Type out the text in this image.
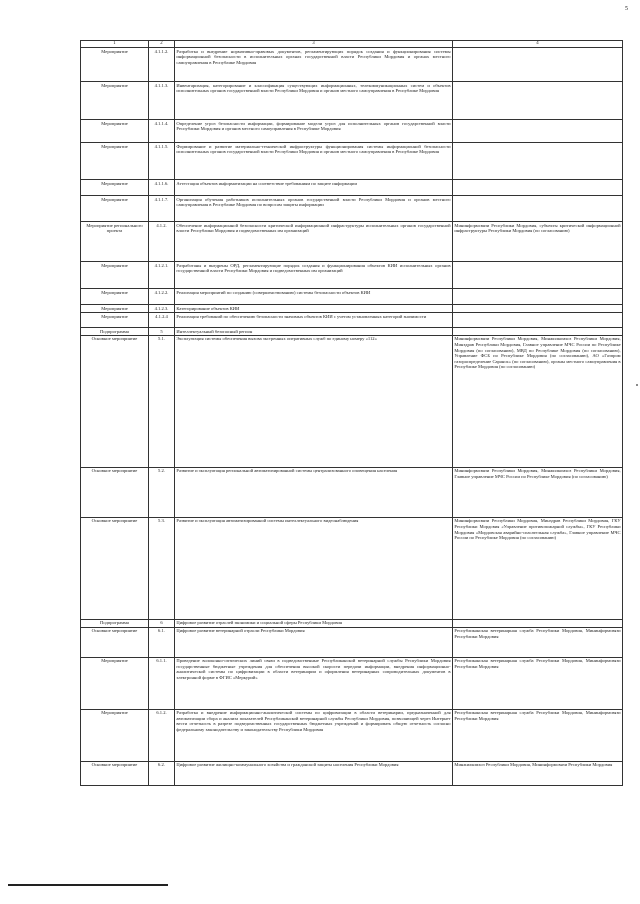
5
1	2	3	4
Мероприятие	4.1.1.2.	Разработка и внедрение нормативно-правовых документов, регламентирующих порядок создания и функционирования системы информационной безопасности в исполнительных органах государственной власти Республики Мордовия и органах местного самоуправления в Республике Мордовия	
Мероприятие	4.1.1.3.	Инвентаризация, категорирование и классификация существующих информационных, телекоммуникационных систем и объектов исполнительных органов государственной власти Республики Мордовия и органов местного самоуправления в Республике Мордовия	
Мероприятие	4.1.1.4.	Определение угроз безопасности информации, формирование модели угроз для исполнительных органов государственной власти Республики Мордовия и органов местного самоуправления в Республике Мордовия	
Мероприятие	4.1.1.5.	Формирование и развитие материально-технической инфраструктуры функционирования системы информационной безопасности исполнительных органов государственной власти Республики Мордовия и органов местного самоуправления в Республике Мордовия	
Мероприятие	4.1.1.6.	Аттестация объектов информатизации на соответствие требованиям по защите информации	
Мероприятие	4.1.1.7.	Организация обучения работников исполнительных органов государственной власти Республики Мордовия и органов местного самоуправления в Республике Мордовия по вопросам защиты информации	
Мероприятие регионального проекта	4.1.2.	Обеспечение информационной безопасности критической информационной инфраструктуры исполнительных органов государственной власти Республики Мордовия и подведомственных им организаций	Мининформсвязи Республики Мордовия, субъекты критической информационной инфраструктуры Республики Мордовия (по согласованию)
Мероприятие	4.1.2.1.	Разработаны и внедрены ОРД, регламентирующие порядок создания и функционирования объектов КИИ исполнительных органов государственной власти Республики Мордовия и подведомственных им организаций	
Мероприятие	4.1.2.2.	Реализация мероприятий по созданию (совершенствованию) системы безопасности объектов КИИ	
Мероприятие	4.1.2.3.	Категорирование объектов КИИ	
Мероприятие	4.1.2.4	Реализация требований по обеспечению безопасности значимых объектов КИИ с учетом установленных категорий значимости	
Подпрограмма	5	Интеллектуальный безопасный регион	
Основное мероприятие	5.1.	Эксплуатация системы обеспечения вызова экстренных оперативных служб по единому номеру «112»	Мининформсвязи Республики Мордовия, Минжилкомхоз Республики Мордовия, Минздрав Республики Мордовия, Главное управление МЧС России по Республике Мордовия (по согласованию), МВД по Республике Мордовия (по согласованию), Управление ФСБ по Республике Мордовия (по согласованию), АО «Газпром газораспределение Саранск» (по согласованию), органы местного самоуправления в Республике Мордовия (по согласованию)
Основное мероприятие	5.2.	Развитие и эксплуатация региональной автоматизированной системы централизованного оповещения населения	Мининформсвязи Республики Мордовия, Минжилкомхоз Республики Мордовия, Главное управление МЧС России по Республике Мордовия (по согласованию)
Основное мероприятие	5.3.	Развитие и эксплуатация автоматизированной системы интеллектуального видеонаблюдения	Мининформсвязи Республики Мордовия, Минздрав Республики Мордовия, ГКУ Республики Мордовия «Управление противопожарной службы», ГКУ Республики Мордовия «Мордовская аварийно-спасательная служба», Главное управление МЧС России по Республике Мордовия (по согласованию)
Подпрограмма	6	Цифровое развитие отраслей экономики и социальной сферы Республики Мордовия	
Основное мероприятие	6.1.	Цифровое развитие ветеринарной отрасли Республики Мордовия	Республиканская ветеринарная служба Республики Мордовия, Мининформсвязи Республики Мордовия
Мероприятие	6.1.1.	Проведение волоконно-оптических линий связи в подведомственные Республиканской ветеринарной службы Республики Мордовия государственные бюджетные учреждения для обеспечения высокой скорости передачи информации, внедрения информационно-аналитической системы по цифровизации в области ветеринарии и оформления ветеринарных сопроводительных документов в электронной форме в ФГИС «Меркурий»	Республиканская ветеринарная служба Республики Мордовия, Мининформсвязи Республики Мордовия
Мероприятие	6.1.2.	Разработка и внедрение информационно-аналитической системы по цифровизации в области ветеринарии, предназначенной для автоматизации сбора и анализа показателей Республиканской ветеринарной службы Республики Мордовия, позволяющей через Интернет вести отчетность в разрезе подведомственных государственных бюджетных учреждений и формировать общую отчетность согласно федеральному законодательству и законодательству Республики Мордовия	Республиканская ветеринарная служба Республики Мордовия, Мининформсвязи Республики Мордовия
Основное мероприятие	6.2.	Цифровое развитие жилищно-коммунального хозяйства и гражданской защиты населения Республики Мордовия	Минжилкомхоз Республики Мордовия, Мининформсвязи Республики Мордовия
